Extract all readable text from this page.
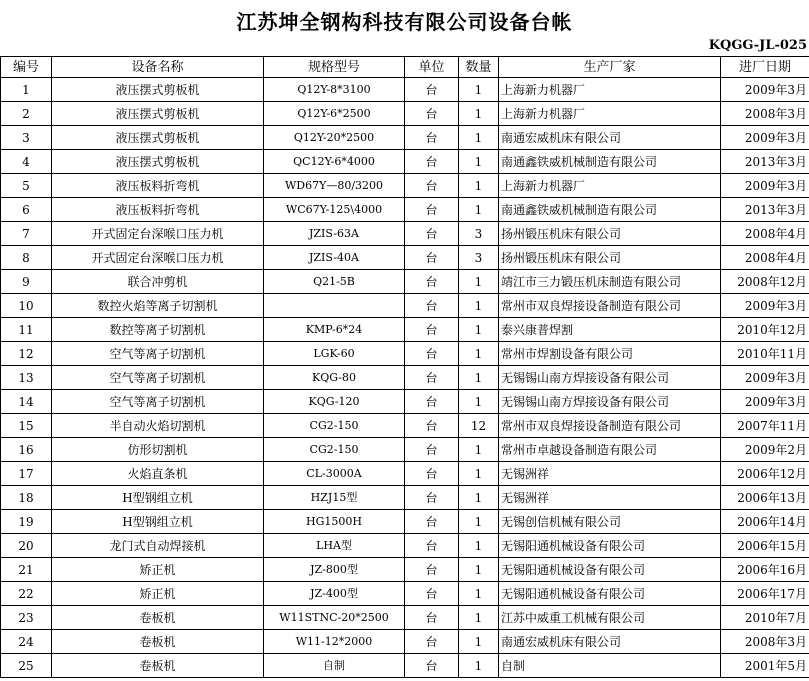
江苏坤全钢构科技有限公司设备台帐
KQGG-JL-025
编号	设备名称	规格型号	单位	数量	生产厂家	进厂日期
1	液压摆式剪板机	Q12Y-8*3100	台	1	上海新力机器厂	2009年3月
2	液压摆式剪板机	Q12Y-6*2500	台	1	上海新力机器厂	2008年3月
3	液压摆式剪板机	Q12Y-20*2500	台	1	南通宏威机床有限公司	2009年3月
4	液压摆式剪板机	QC12Y-6*4000	台	1	南通鑫铁威机械制造有限公司	2013年3月
5	液压板料折弯机	WD67Y—80/3200	台	1	上海新力机器厂	2009年3月
6	液压板料折弯机	WC67Y-125\4000	台	1	南通鑫铁威机械制造有限公司	2013年3月
7	开式固定台深喉口压力机	JZIS-63A	台	3	扬州锻压机床有限公司	2008年4月
8	开式固定台深喉口压力机	JZIS-40A	台	3	扬州锻压机床有限公司	2008年4月
9	联合冲剪机	Q21-5B	台	1	靖江市三力锻压机床制造有限公司	2008年12月
10	数控火焰等离子切割机		台	1	常州市双良焊接设备制造有限公司	2009年3月
11	数控等离子切割机	KMP-6*24	台	1	泰兴康普焊割	2010年12月
12	空气等离子切割机	LGK-60	台	1	常州市焊割设备有限公司	2010年11月
13	空气等离子切割机	KQG-80	台	1	无锡锡山南方焊接设备有限公司	2009年3月
14	空气等离子切割机	KQG-120	台	1	无锡锡山南方焊接设备有限公司	2009年3月
15	半自动火焰切割机	CG2-150	台	12	常州市双良焊接设备制造有限公司	2007年11月
16	仿形切割机	CG2-150	台	1	常州市卓越设备制造有限公司	2009年2月
17	火焰直条机	CL-3000A	台	1	无锡洲祥	2006年12月
18	H型钢组立机	HZJ15型	台	1	无锡洲祥	2006年13月
19	H型钢组立机	HG1500H	台	1	无锡创信机械有限公司	2006年14月
20	龙门式自动焊接机	LHA型	台	1	无锡阳通机械设备有限公司	2006年15月
21	矫正机	JZ-800型	台	1	无锡阳通机械设备有限公司	2006年16月
22	矫正机	JZ-400型	台	1	无锡阳通机械设备有限公司	2006年17月
23	卷板机	W11STNC-20*2500	台	1	江苏中威重工机械有限公司	2010年7月
24	卷板机	W11-12*2000	台	1	南通宏威机床有限公司	2008年3月
25	卷板机	自制	台	1	自制	2001年5月
